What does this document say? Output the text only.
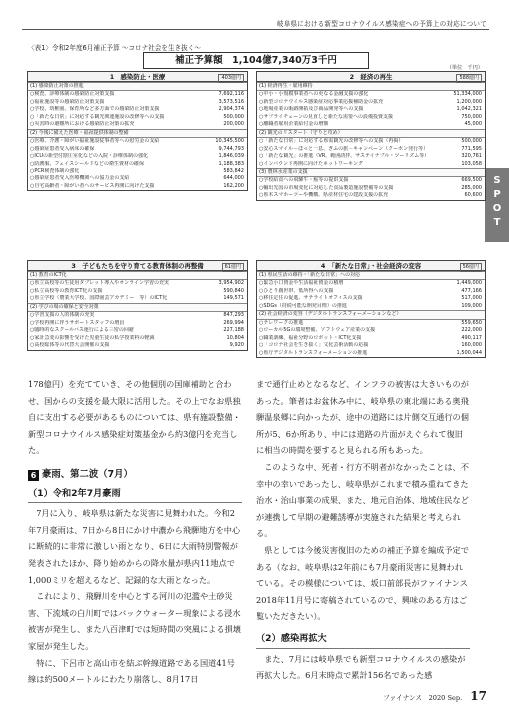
岐阜県における新型コロナウイルス感染症への予算上の対応について
S
P
O
T
〈表1〉令和2年度6月補正予算 〜コロナ社会を生き抜く〜
補正予算額　1,104億7,340万3千円
（単位　千円）
1　感染防止・医療	403億円
(1) 感染防止対策の推進
○検査、診療体制の感染防止対策支援	7,692,116
○福祉施設等の感染防止対策支援	3,573,516
○学校、幼稚園、保育所など多方面での感染防止対策支援	2,904,374
○「新たな日常」に対応する観光関連施設の改修等への支援	500,000
○災害時の避難所における感染防止対策の拡充	200,000
(2) 今後に備えた医療・福祉提供体制の整備
○医療、介護・障がい福祉施設従事者等への慰労金の支給	10,345,500
○感染症患者受入病床の確保	9,744,793
○ICUの新型付陰圧室化などの入院・診療体制の強化	1,846,039
○防護服、フェイスシールドなどの衛生資材の確保	1,188,383
○PCR検査体制の強化	583,842
○感染症患者受入医療機関への協力金の支給	644,000
○自宅高齢者・障がい者へのサービス再開に向けた支援	162,200
2　経済の再生	588億円
(1) 経済再生・雇用維持
○中小・小規模事業者への更なる金融支援の強化	51,334,000
○新型コロナウイルス感染症対応事業応援補助金の拡充	1,200,000
○地場産業の販路開拓及び商品開発等への支援	1,042,321
○サプライチェーンの見直しと新たな需要への設備投資支援	750,000
○離職者雇用企業給付金の増額	45,000
(2) 観光のリスタート（守りと攻め）
○「新たな日常」に対応する県需観光の改修等への支援（再掲）	500,000
○安心スマイル－ほっと一息、ぎふの旅－キャンペーン（クーポン発行等）	771,595
○「新たな観光」の推進（VR、範囲誘拝、サステイナブル・ツーリズム等）	320,761
○インバウンド再開に向けたネットワーキング	103,058
(3) 農林水産業の支援
○学校給食への飛騨牛・鮎等の提供支援	669,500
○輸出先国の市場変化に対応した食品製造施設整備等の支援	285,000
○県木スマホーツーや機構、県産材住宅の建設支援の拡充	60,600
3　子どもたちを守り育てる教育体制の再整備	61億円
(1) 教育のICT化
○県立高校等の生徒用タブレット導入やオンライン学習の充実	3,954,902
○私立高校等の教育ICT化の支援	590,840
○県立学校（農業大学校、国際園芸アカデミー　等）のICT化	149,571
(2) 学びの場の確保と安全対策
○学習支援の人的体制の充実	847,293
○学校再開に伴うサポートスタッフの増員	269,994
○臨時的なスクールバス運行による三密の回避	227,188
○家計急変の影響を受けた児童生徒の私学授業料の軽減	10,804
○高校総体等の代替大会開催の支援	9,920
4　「新たな日常」・社会経済の変容	56億円
(1) 県民生活の維持・「新たな日常」への対応
○緊急小口資金や生活福祉資金の積増	1,449,000
○ひとり親世帯、低所得への支援	477,166
○移住定住の促進、サテライトオフィスの支援	517,000
○SDGs（持続可能な開発目標）の推進	109,000
(2) 社会経済の変容（デジタルトランスフォーメーションなど）
○テレワークの推進	559,650
○ローカル5Gの環境整備、ソフトウェア産業の支援	222,000
○職業訓練、福祉分野のロボット・ICT化支援	490,117
○「コロナ社会を生き抜く」文化芸術活動の応援	160,000
○県庁デジタルトランスフォーメーションの推進	1,500,044

178億円）を充てていき、その他個別の国庫補助と合わせ、国からの支援を最大限に活用した。その上でなお県独自に支出する必要があるものについては、県有施設整備・新型コロナウイルス感染症対策基金から約3億円を充当した。

6 豪雨、第二波（7月）
（1）令和2年7月豪雨

7月に入り、岐阜県は新たな災害に見舞われた。今和2年7月豪雨は、7日から8日にかけ中濃から飛騨地方を中心に断続的に非常に激しい雨となり、6日に大雨特別警報が発表されたほか、降り始めからの降水量が県内11地点で1,000ミリを超えるなど、記録的な大雨となった。

これにより、飛騨川を中心とする河川の氾濫や土砂災害、下流域の白川町ではバックウォーター現象による浸水被害が発生し、また八百津町では短時間の突風による損壊家屋が発生した。

特に、下呂市と高山市を結ぶ幹線道路である国道41号線は約500メートルにわたり崩落し、8月17日

まで通行止めとなるなど、インフラの被害は大きいものがあった。筆者はお盆休み中に、岐阜県の東北端にある奥飛騨温泉郷に向かったが、途中の道路には片側交互通行の個所が5、6か所あり、中には道路の片面がえぐられて復旧に相当の時間を要すると見られる所もあった。

このような中、死者・行方不明者がなかったことは、不幸中の幸いであったし、岐阜県がこれまで積み重ねてきた治水・治山事業の成果、また、地元自治体、地域住民などが連携して早期の避難誘導が実施された結果と考えられる。

県としては今後災害復旧のための補正予算を編成予定である（なお、岐阜県は2年前にも7月豪雨災害に見舞われている。その模様については、坂口前部長がファイナンス2018年11月号に寄稿されているので、興味のある方はご覧いただきたい）。

（2）感染再拡大

また、7月には岐阜県でも新型コロナウイルスの感染が再拡大した。6月末時点で累計156名であった感

ファイナンス　2020 Sep. 17
